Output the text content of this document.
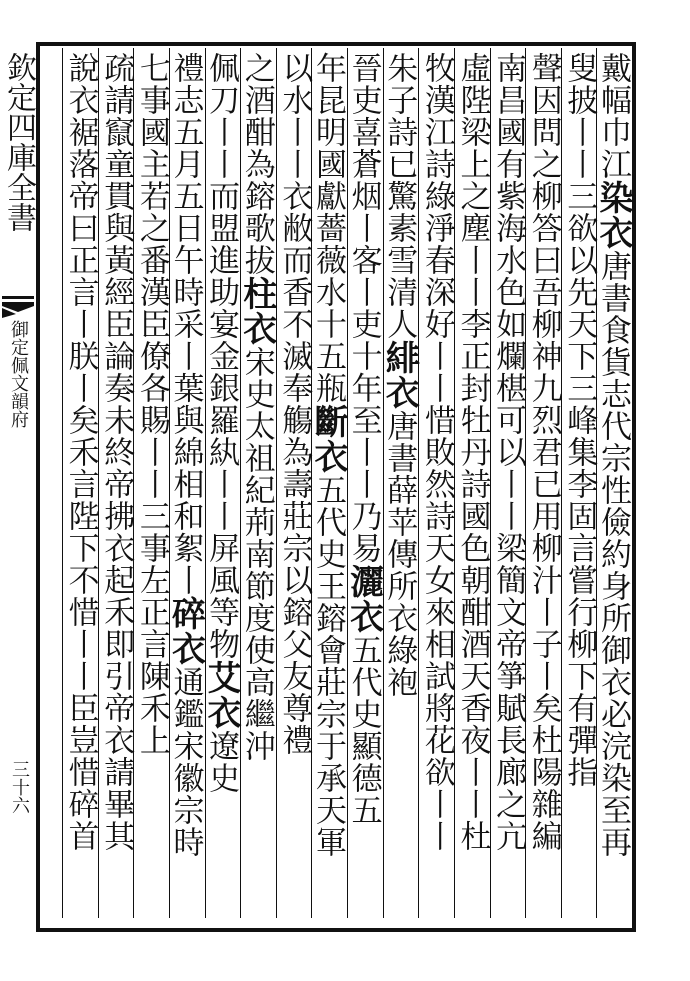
欽定四庫全書
御定佩文韻府
三十六
戴幅巾江染衣唐書食貨志代宗性儉約身所御衣必浣染至再
叟披丨丨三欲以先天下三峰集李固言嘗行柳下有彈指
聲因問之柳答曰吾柳神九烈君已用柳汁丨子丨矣杜陽雜編
南昌國有紫海水色如爛椹可以丨丨梁簡文帝箏賦長廊之亢
虛陛梁上之塵丨丨李正封牡丹詩國色朝酣酒天香夜丨丨杜
牧漢江詩綠淨春深好丨丨惜敗然詩天女來相試將花欲丨丨
朱子詩已驚素雪清人緋衣唐書薛苹傳所衣綠袍
晉吏喜蒼烟丨客丨吏十年至丨丨乃易灑衣五代史顯德五
年昆明國獻薔薇水十五瓶斷衣五代史王鎔會莊宗于承天軍
以水丨丨衣敝而香不滅奉觴為壽莊宗以鎔父友尊禮
之酒酣為鎔歌拔柱衣宋史太祖紀荊南節度使高繼沖
佩刀丨丨而盟進助宴金銀羅紈丨丨屏風等物艾衣遼史
禮志五月五日午時采丨葉與綿相和絮丨碎衣通鑑宋徽宗時
七事國主若之番漢臣僚各賜丨丨三事左正言陳禾上
疏請竄童貫與黃經臣論奏未終帝拂衣起禾即引帝衣請畢其
說衣裾落帝曰正言丨朕丨矣禾言陛下不惜丨丨臣豈惜碎首
